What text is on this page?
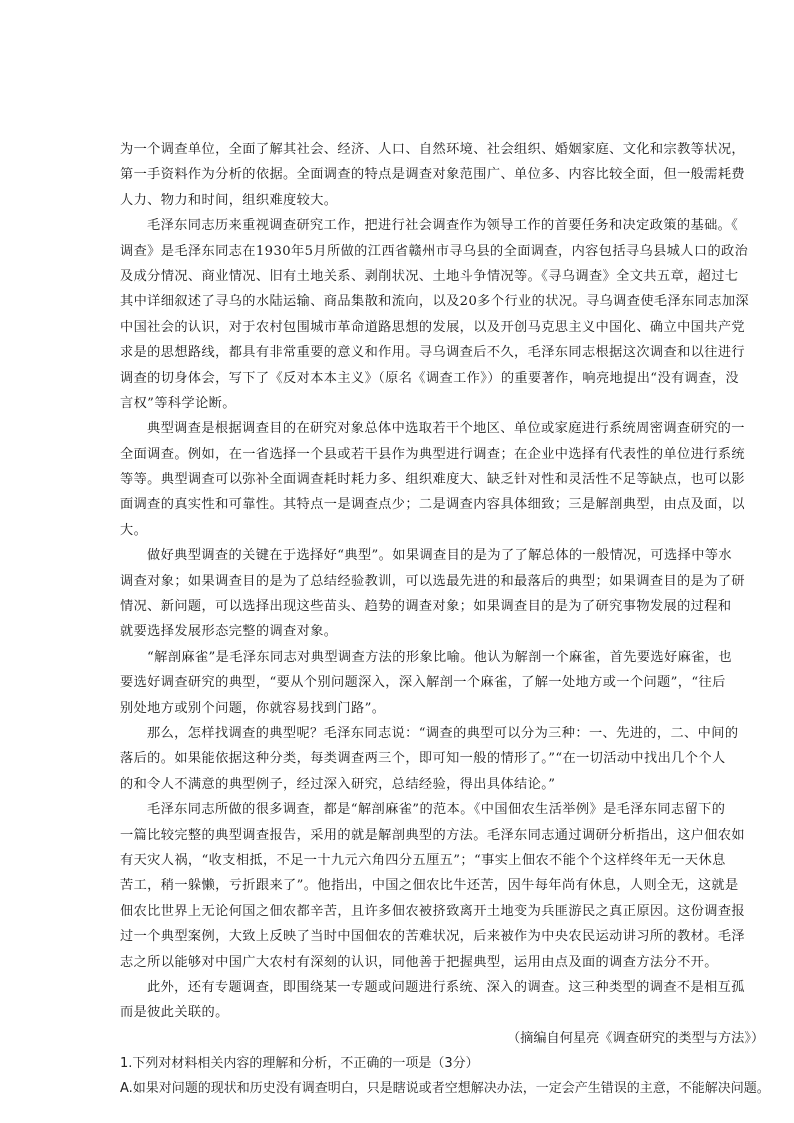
为一个调查单位，全面了解其社会、经济、人口、自然环境、社会组织、婚姻家庭、文化和宗教等状况，
第一手资料作为分析的依据。全面调查的特点是调查对象范围广、单位多、内容比较全面，但一般需耗费
人力、物力和时间，组织难度较大。
毛泽东同志历来重视调查研究工作，把进行社会调查作为领导工作的首要任务和决定政策的基础。《
调查》是毛泽东同志在1930年5月所做的江西省赣州市寻乌县的全面调查，内容包括寻乌县城人口的政治
及成分情况、商业情况、旧有土地关系、剥削状况、土地斗争情况等。《寻乌调查》全文共五章，超过七
其中详细叙述了寻乌的水陆运输、商品集散和流向，以及20多个行业的状况。寻乌调查使毛泽东同志加深
中国社会的认识，对于农村包围城市革命道路思想的发展，以及开创马克思主义中国化、确立中国共产党
求是的思想路线，都具有非常重要的意义和作用。寻乌调查后不久，毛泽东同志根据这次调查和以往进行
调查的切身体会，写下了《反对本本主义》（原名《调查工作》）的重要著作，响亮地提出“没有调查，没
言权”等科学论断。
典型调查是根据调查目的在研究对象总体中选取若干个地区、单位或家庭进行系统周密调查研究的一
全面调查。例如，在一省选择一个县或若干县作为典型进行调查；在企业中选择有代表性的单位进行系统
等等。典型调查可以弥补全面调查耗时耗力多、组织难度大、缺乏针对性和灵活性不足等缺点，也可以影
面调查的真实性和可靠性。其特点一是调查点少；二是调查内容具体细致；三是解剖典型，由点及面，以
大。
做好典型调查的关键在于选择好“典型”。如果调查目的是为了了解总体的一般情况，可选择中等水
调查对象；如果调查目的是为了总结经验教训，可以选最先进的和最落后的典型；如果调查目的是为了研
情况、新问题，可以选择出现这些苗头、趋势的调查对象；如果调查目的是为了研究事物发展的过程和
就要选择发展形态完整的调查对象。
“解剖麻雀”是毛泽东同志对典型调查方法的形象比喻。他认为解剖一个麻雀，首先要选好麻雀，也
要选好调查研究的典型，“要从个别问题深入，深入解剖一个麻雀，了解一处地方或一个问题”，“往后
别处地方或别个问题，你就容易找到门路”。
那么，怎样找调查的典型呢？毛泽东同志说：“调查的典型可以分为三种：一、先进的，二、中间的
落后的。如果能依据这种分类，每类调查两三个，即可知一般的情形了。”“在一切活动中找出几个个人
的和令人不满意的典型例子，经过深入研究，总结经验，得出具体结论。”
毛泽东同志所做的很多调查，都是“解剖麻雀”的范本。《中国佃农生活举例》是毛泽东同志留下的
一篇比较完整的典型调查报告，采用的就是解剖典型的方法。毛泽东同志通过调研分析指出，这户佃农如
有天灾人祸，“收支相抵，不足一十九元六角四分五厘五”；“事实上佃农不能个个这样终年无一天休息
苦工，稍一躲懒，亏折跟来了”。他指出，中国之佃农比牛还苦，因牛每年尚有休息，人则全无，这就是
佃农比世界上无论何国之佃农都辛苦，且许多佃农被挤致离开土地变为兵匪游民之真正原因。这份调查报
过一个典型案例，大致上反映了当时中国佃农的苦难状况，后来被作为中央农民运动讲习所的教材。毛泽
志之所以能够对中国广大农村有深刻的认识，同他善于把握典型，运用由点及面的调查方法分不开。
此外，还有专题调查，即围绕某一专题或问题进行系统、深入的调查。这三种类型的调查不是相互孤
而是彼此关联的。
（摘编自何星亮《调查研究的类型与方法》）
1.下列对材料相关内容的理解和分析，不正确的一项是（3分）
A.如果对问题的现状和历史没有调查明白，只是瞎说或者空想解决办法，一定会产生错误的主意，不能解决问题。
